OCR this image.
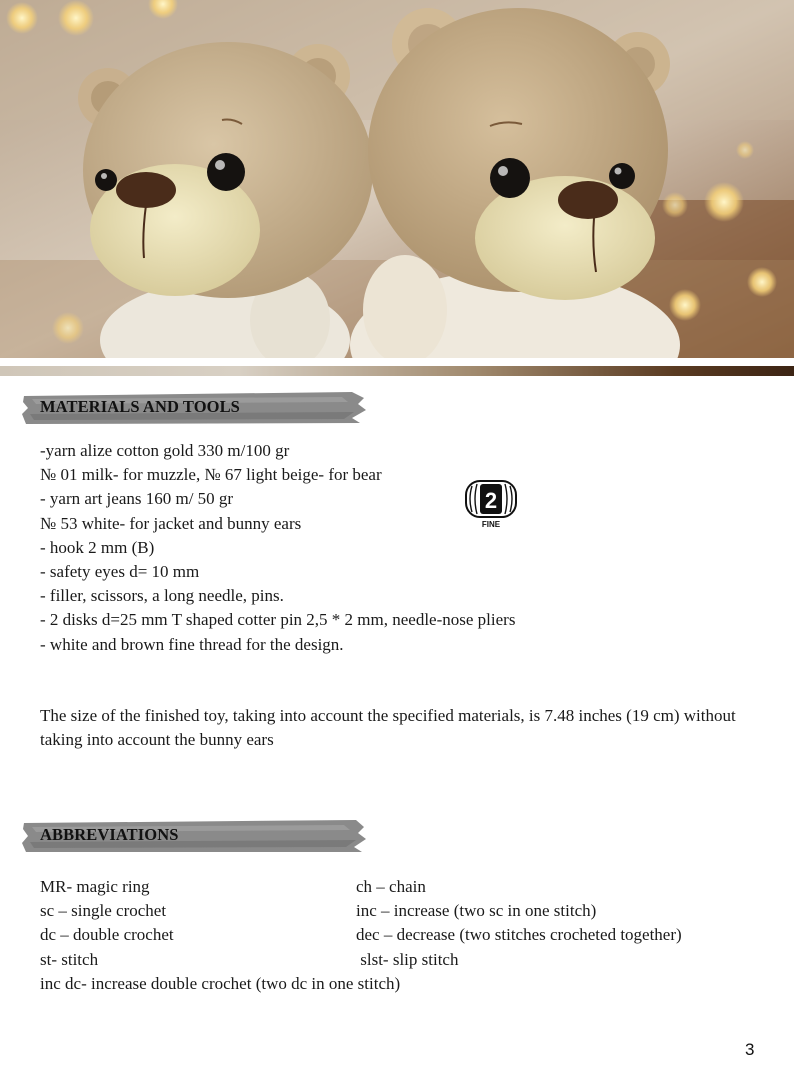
MATERIALS AND TOOLS
-yarn alize cotton gold 330 m/100 gr
№ 01 milk- for muzzle, № 67 light beige- for bear
- yarn art jeans 160 m/ 50 gr
№ 53 white- for jacket and bunny ears
- hook 2 mm (B)
- safety eyes d= 10 mm
- filler, scissors, a long needle, pins.
- 2 disks d=25 mm T shaped cotter pin 2,5 * 2 mm, needle-nose pliers
- white and brown fine thread for the design.
2
FINE
The size of the finished toy, taking into account the specified materials, is 7.48 inches (19 cm) without taking into account the bunny ears
ABBREVIATIONS
MR- magic ring	ch – chain
sc – single crochet	inc – increase (two sc in one stitch)
dc – double crochet	dec – decrease (two stitches crocheted together)
st- stitch	slst- slip stitch
inc dc- increase double crochet (two dc in one stitch)
3
